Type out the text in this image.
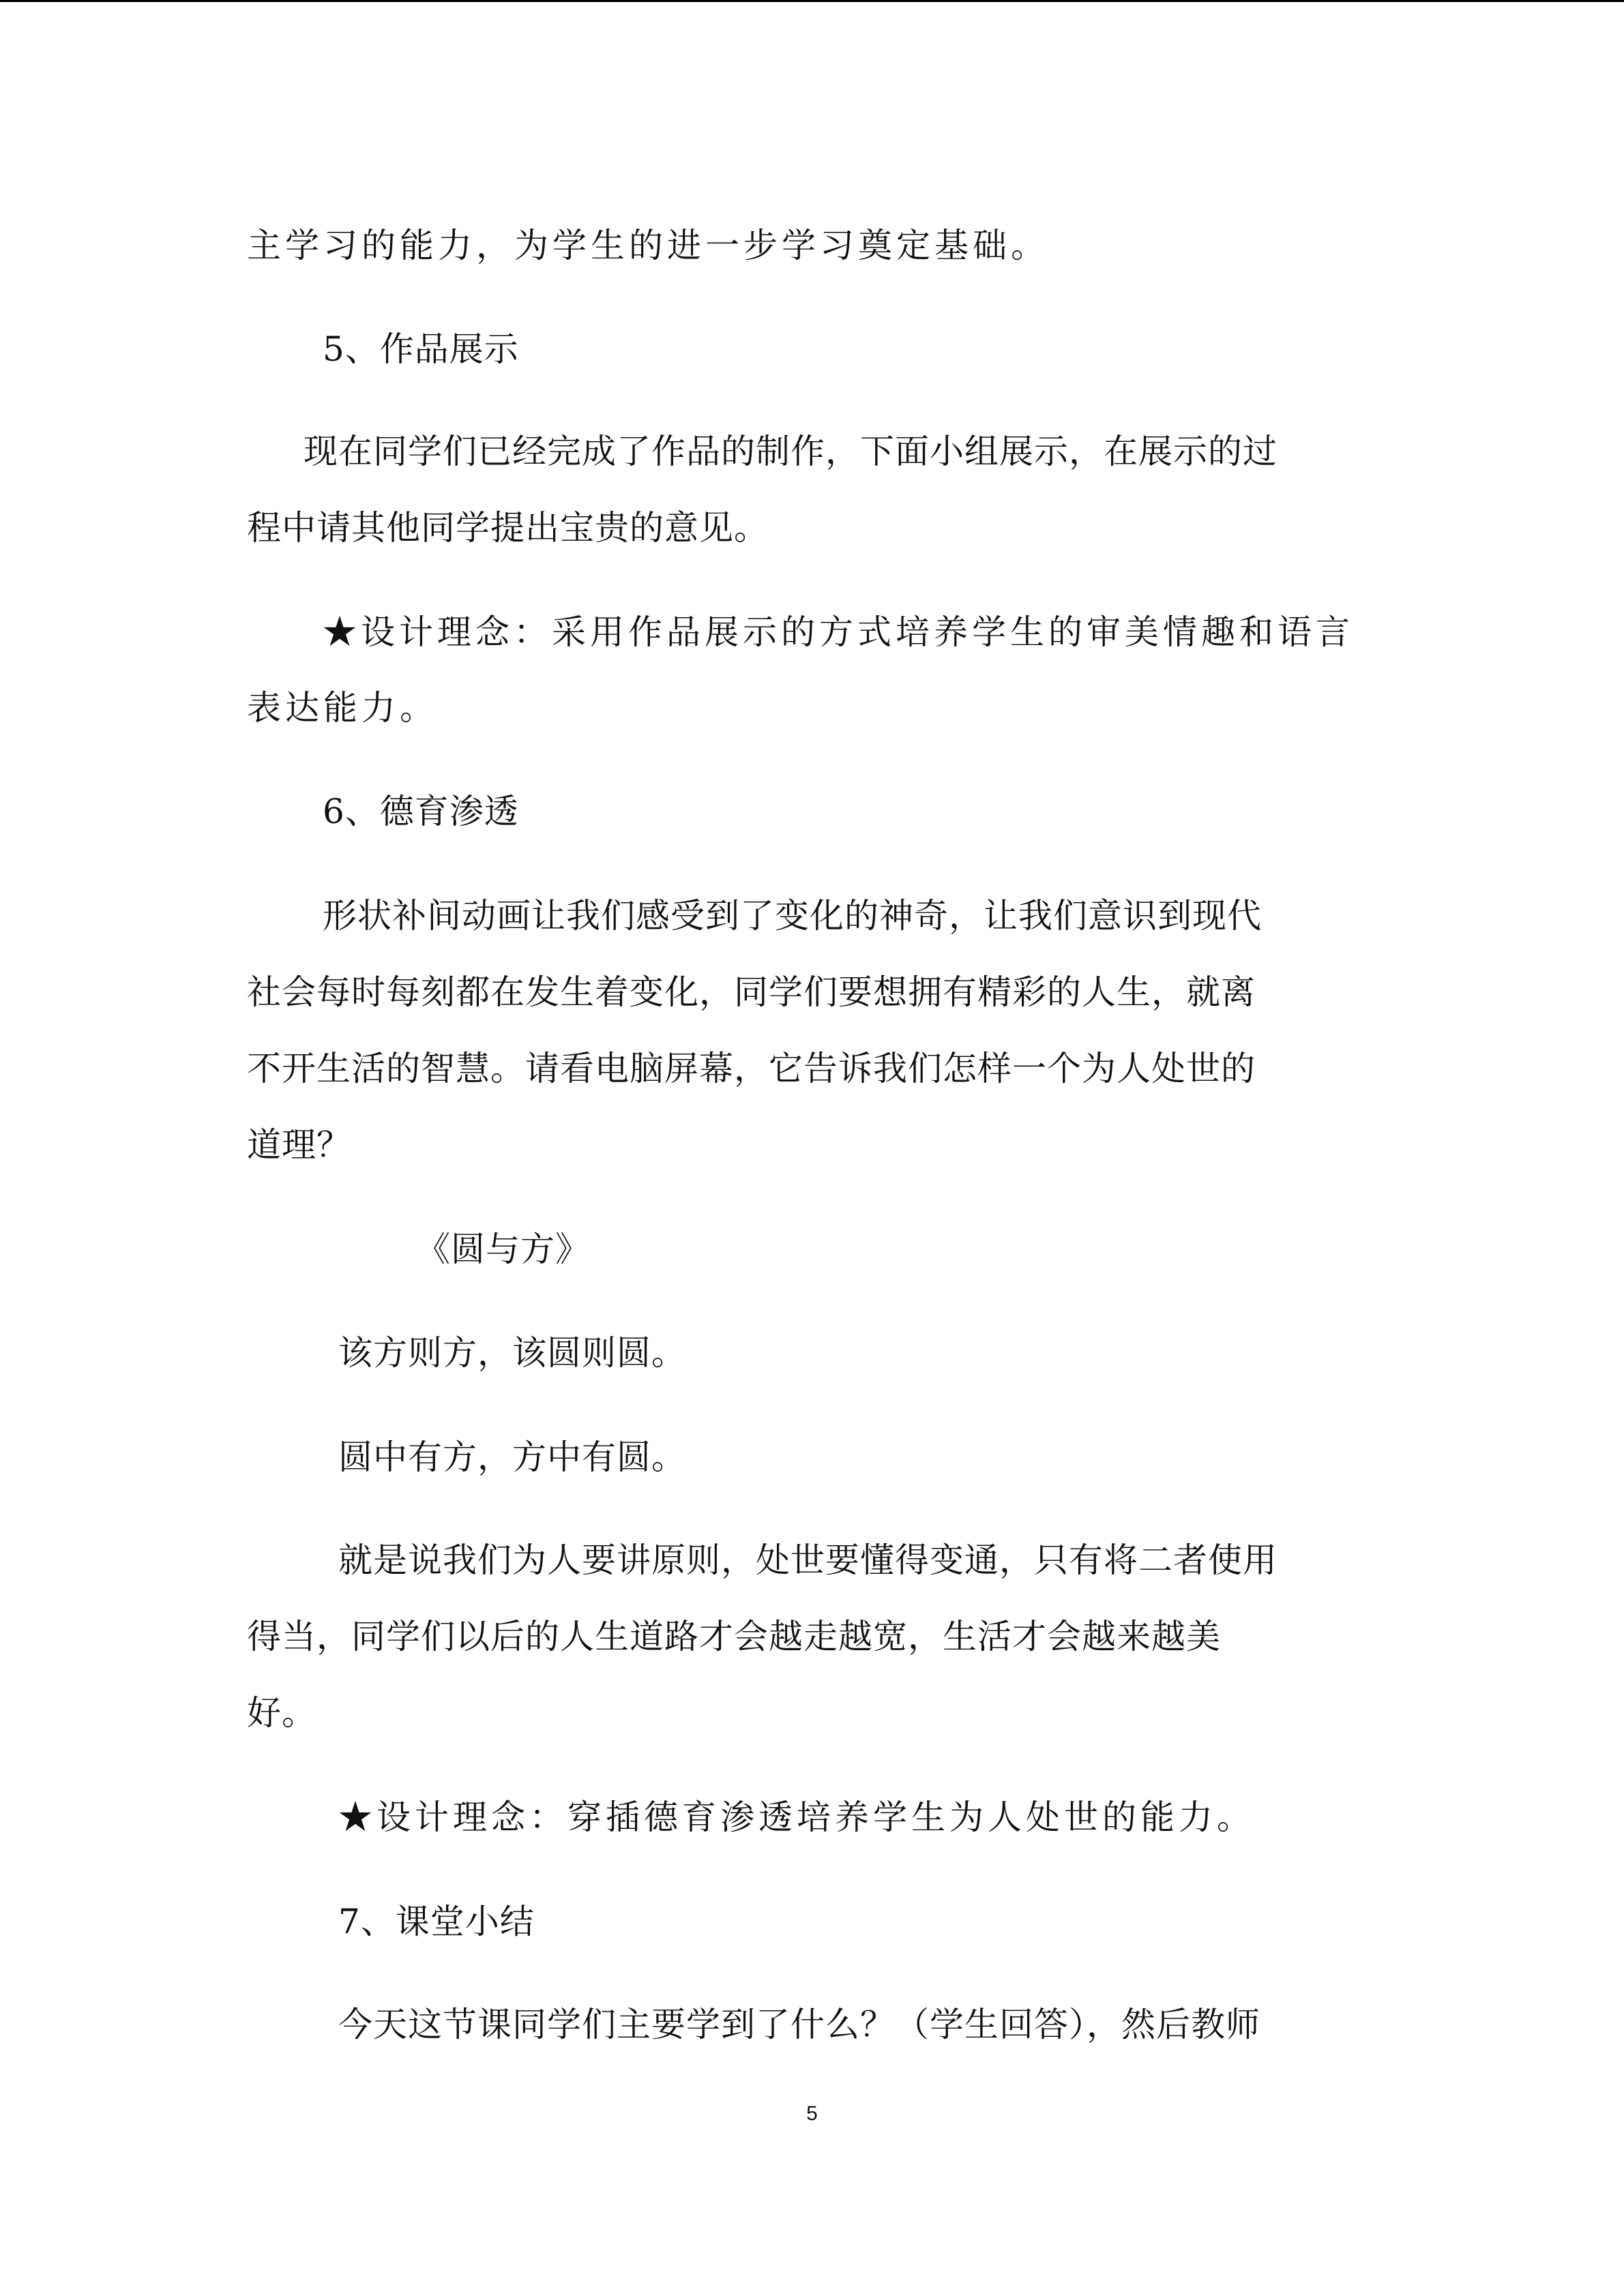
主学习的能力，为学生的进一步学习奠定基础。
5、作品展示
现在同学们已经完成了作品的制作，下面小组展示，在展示的过
程中请其他同学提出宝贵的意见。
★设计理念：采用作品展示的方式培养学生的审美情趣和语言
表达能力。
6、德育渗透
形状补间动画让我们感受到了变化的神奇，让我们意识到现代
社会每时每刻都在发生着变化，同学们要想拥有精彩的人生，就离
不开生活的智慧。请看电脑屏幕，它告诉我们怎样一个为人处世的
道理？
《圆与方》
该方则方，该圆则圆。
圆中有方，方中有圆。
就是说我们为人要讲原则，处世要懂得变通，只有将二者使用
得当，同学们以后的人生道路才会越走越宽，生活才会越来越美
好。
★设计理念：穿插德育渗透培养学生为人处世的能力。
7、课堂小结
今天这节课同学们主要学到了什么？（学生回答），然后教师
5
